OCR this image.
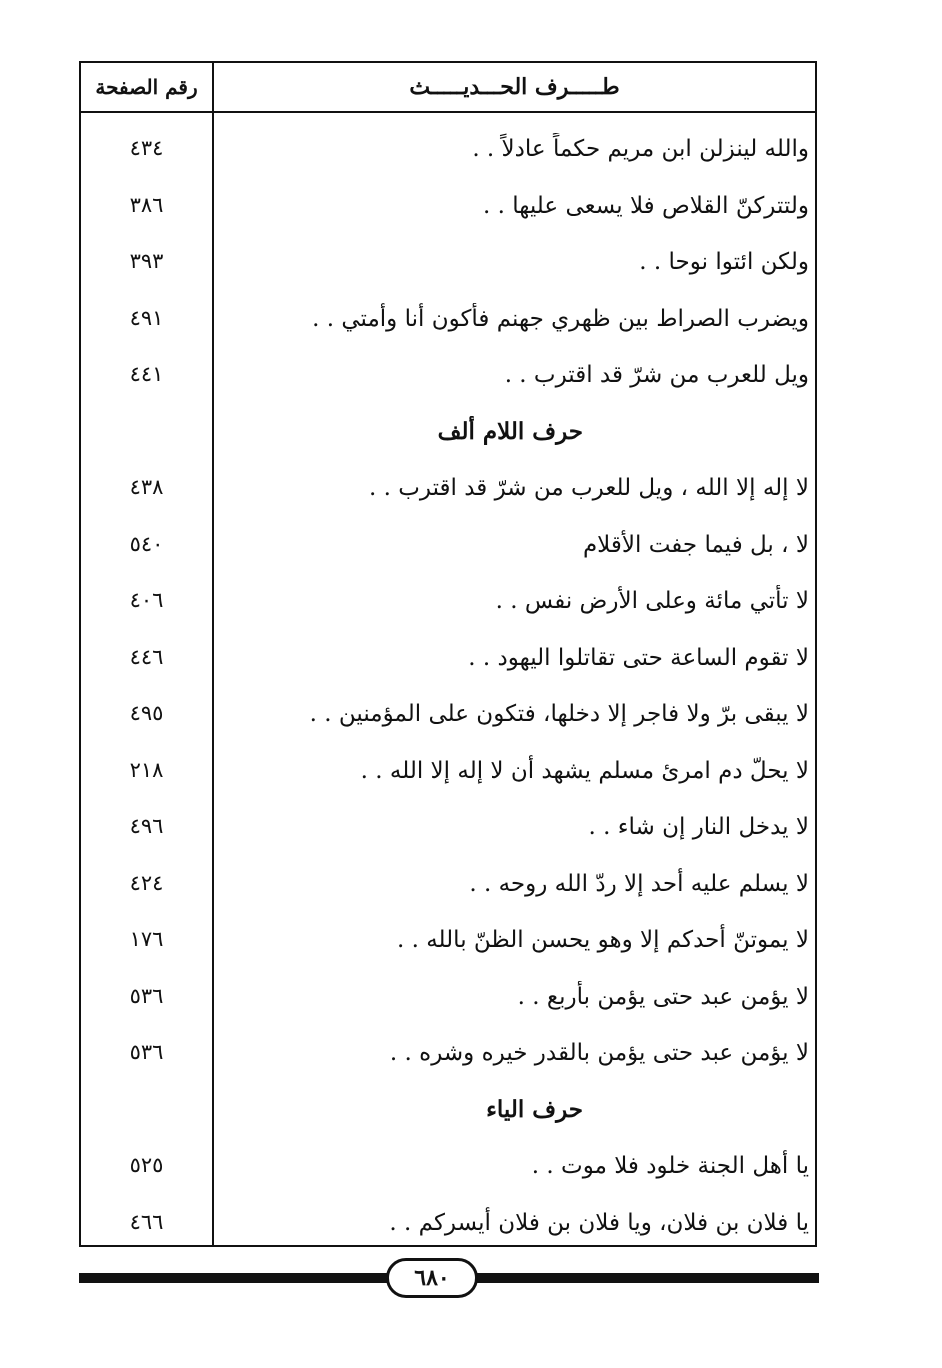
طـــــرف الحـــديـــــث
رقم الصفحة
والله لينزلن ابن مريم حكماً عادلاً . .
٤٣٤
ولتتركنّ القلاص فلا يسعى عليها . .
٣٨٦
ولكن ائتوا نوحا . .
٣٩٣
ويضرب الصراط بين ظهري جهنم فأكون أنا وأمتي . .
٤٩١
ويل للعرب من شرّ قد اقترب . .
٤٤١
حرف اللام ألف
لا إله إلا الله ، ويل للعرب من شرّ قد اقترب . .
٤٣٨
لا ، بل فيما جفت الأقلام
٥٤٠
لا تأتي مائة وعلى الأرض نفس . .
٤٠٦
لا تقوم الساعة حتى تقاتلوا اليهود . .
٤٤٦
لا يبقى برّ ولا فاجر إلا دخلها، فتكون على المؤمنين . .
٤٩٥
لا يحلّ دم امرئ مسلم يشهد أن لا إله إلا الله . .
٢١٨
لا يدخل النار إن شاء . .
٤٩٦
لا يسلم عليه أحد إلا ردّ الله روحه . .
٤٢٤
لا يموتنّ أحدكم إلا وهو يحسن الظنّ بالله . .
١٧٦
لا يؤمن عبد حتى يؤمن بأربع . .
٥٣٦
لا يؤمن عبد حتى يؤمن بالقدر خيره وشره . .
٥٣٦
حرف الياء
يا أهل الجنة خلود فلا موت . .
٥٢٥
يا فلان بن فلان، ويا فلان بن فلان أيسركم . .
٤٦٦
٦٨٠
